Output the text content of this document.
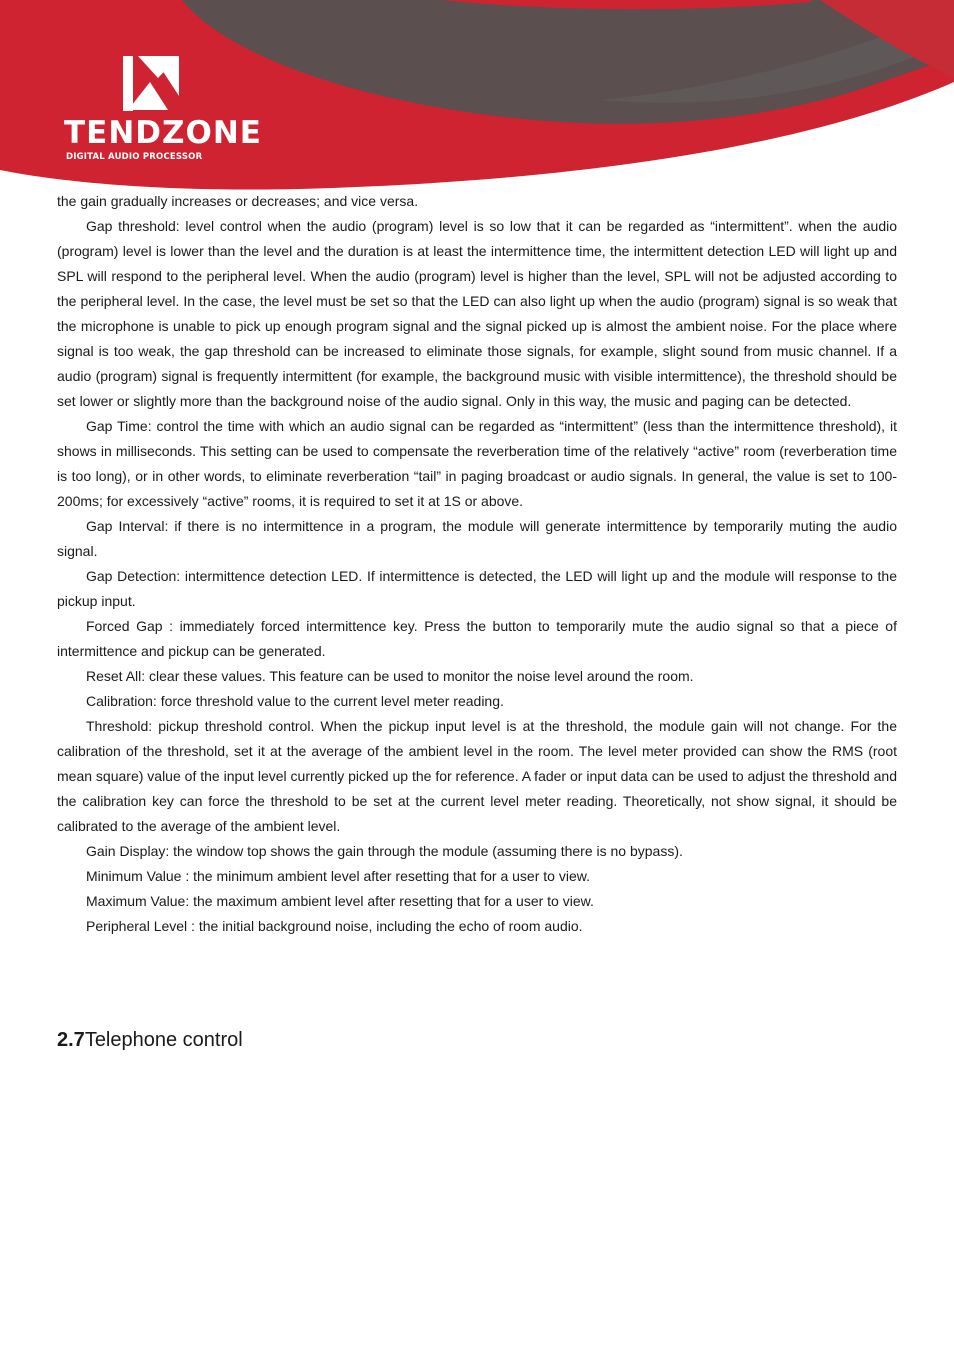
TENDZONE
DIGITAL AUDIO PROCESSOR

the gain gradually increases or decreases; and vice versa.

Gap threshold: level control when the audio (program) level is so low that it can be regarded as “intermittent”. when the audio (program) level is lower than the level and the duration is at least the intermittence time, the intermittent detection LED will light up and SPL will respond to the peripheral level. When the audio (program) level is higher than the level, SPL will not be adjusted according to the peripheral level. In the case, the level must be set so that the LED can also light up when the audio (program) signal is so weak that the microphone is unable to pick up enough program signal and the signal picked up is almost the ambient noise. For the place where signal is too weak, the gap threshold can be increased to eliminate those signals, for example, slight sound from music channel. If a audio (program) signal is frequently intermittent (for example, the background music with visible intermittence), the threshold should be set lower or slightly more than the background noise of the audio signal. Only in this way, the music and paging can be detected.

Gap Time: control the time with which an audio signal can be regarded as “intermittent” (less than the intermittence threshold), it shows in milliseconds. This setting can be used to compensate the reverberation time of the relatively “active” room (reverberation time is too long), or in other words, to eliminate reverberation “tail” in paging broadcast or audio signals. In general, the value is set to 100-200ms; for excessively “active” rooms, it is required to set it at 1S or above.

Gap Interval: if there is no intermittence in a program, the module will generate intermittence by temporarily muting the audio signal.

Gap Detection: intermittence detection LED. If intermittence is detected, the LED will light up and the module will response to the pickup input.

Forced Gap : immediately forced intermittence key. Press the button to temporarily mute the audio signal so that a piece of intermittence and pickup can be generated.

Reset All: clear these values. This feature can be used to monitor the noise level around the room.

Calibration: force threshold value to the current level meter reading.

Threshold: pickup threshold control. When the pickup input level is at the threshold, the module gain will not change. For the calibration of the threshold, set it at the average of the ambient level in the room. The level meter provided can show the RMS (root mean square) value of the input level currently picked up the for reference. A fader or input data can be used to adjust the threshold and the calibration key can force the threshold to be set at the current level meter reading. Theoretically, not show signal, it should be calibrated to the average of the ambient level.

Gain Display: the window top shows the gain through the module (assuming there is no bypass).

Minimum Value : the minimum ambient level after resetting that for a user to view.

Maximum Value: the maximum ambient level after resetting that for a user to view.

Peripheral Level : the initial background noise, including the echo of room audio.

2.7Telephone control
